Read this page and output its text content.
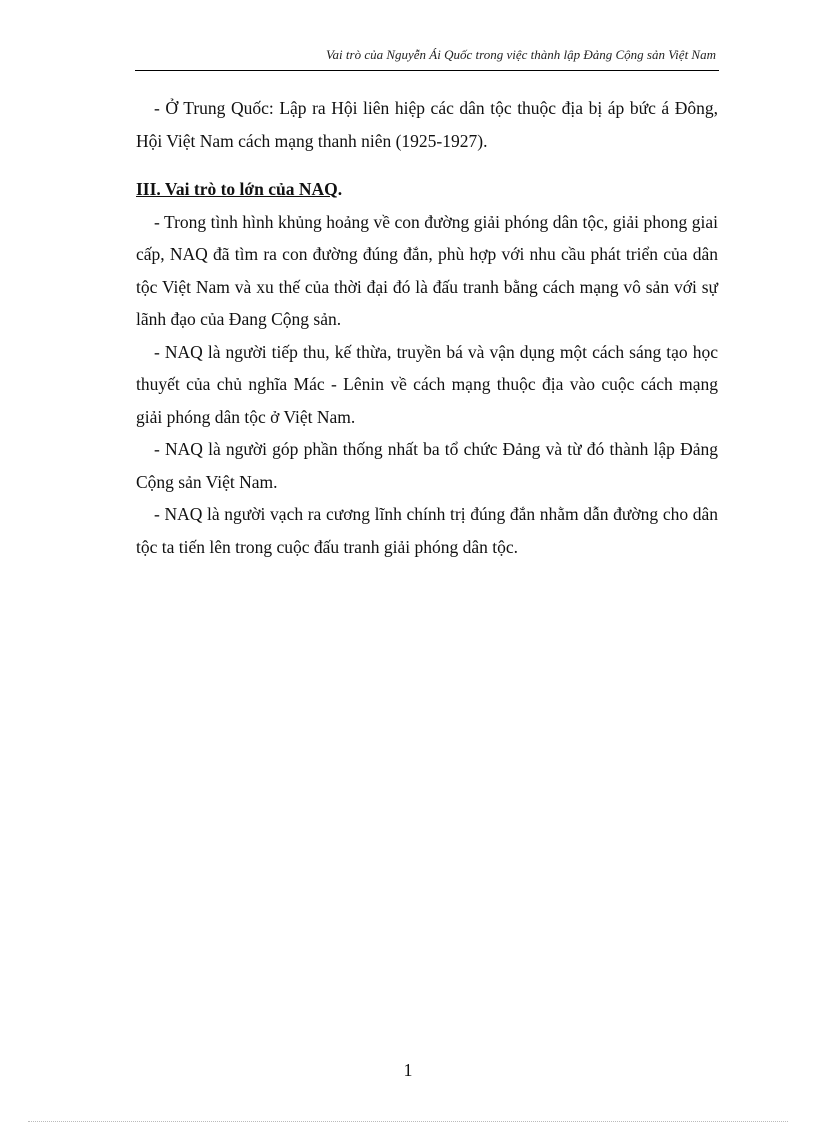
Vai trò của Nguyễn Ái Quốc trong việc thành lập Đảng Cộng sản Việt Nam

- Ở Trung Quốc: Lập ra Hội liên hiệp các dân tộc thuộc địa bị áp bức á Đông, Hội Việt Nam cách mạng thanh niên (1925-1927).

III. Vai trò to lớn của NAQ.

- Trong tình hình khủng hoảng về con đường giải phóng dân tộc, giải phong giai cấp, NAQ đã tìm ra con đường đúng đắn, phù hợp với nhu cầu phát triển của dân tộc Việt Nam và xu thế của thời đại đó là đấu tranh bằng cách mạng vô sản với sự lãnh đạo của Đang Cộng sản.

- NAQ là người tiếp thu, kế thừa, truyền bá và vận dụng một cách sáng tạo học thuyết của chủ nghĩa Mác - Lênin về cách mạng thuộc địa vào cuộc cách mạng giải phóng dân tộc ở Việt Nam.

- NAQ là người góp phần thống nhất ba tổ chức Đảng và từ đó thành lập Đảng Cộng sản Việt Nam.

- NAQ là người vạch ra cương lĩnh chính trị đúng đắn nhằm dẫn đường cho dân tộc ta tiến lên trong cuộc đấu tranh giải phóng dân tộc.

1
